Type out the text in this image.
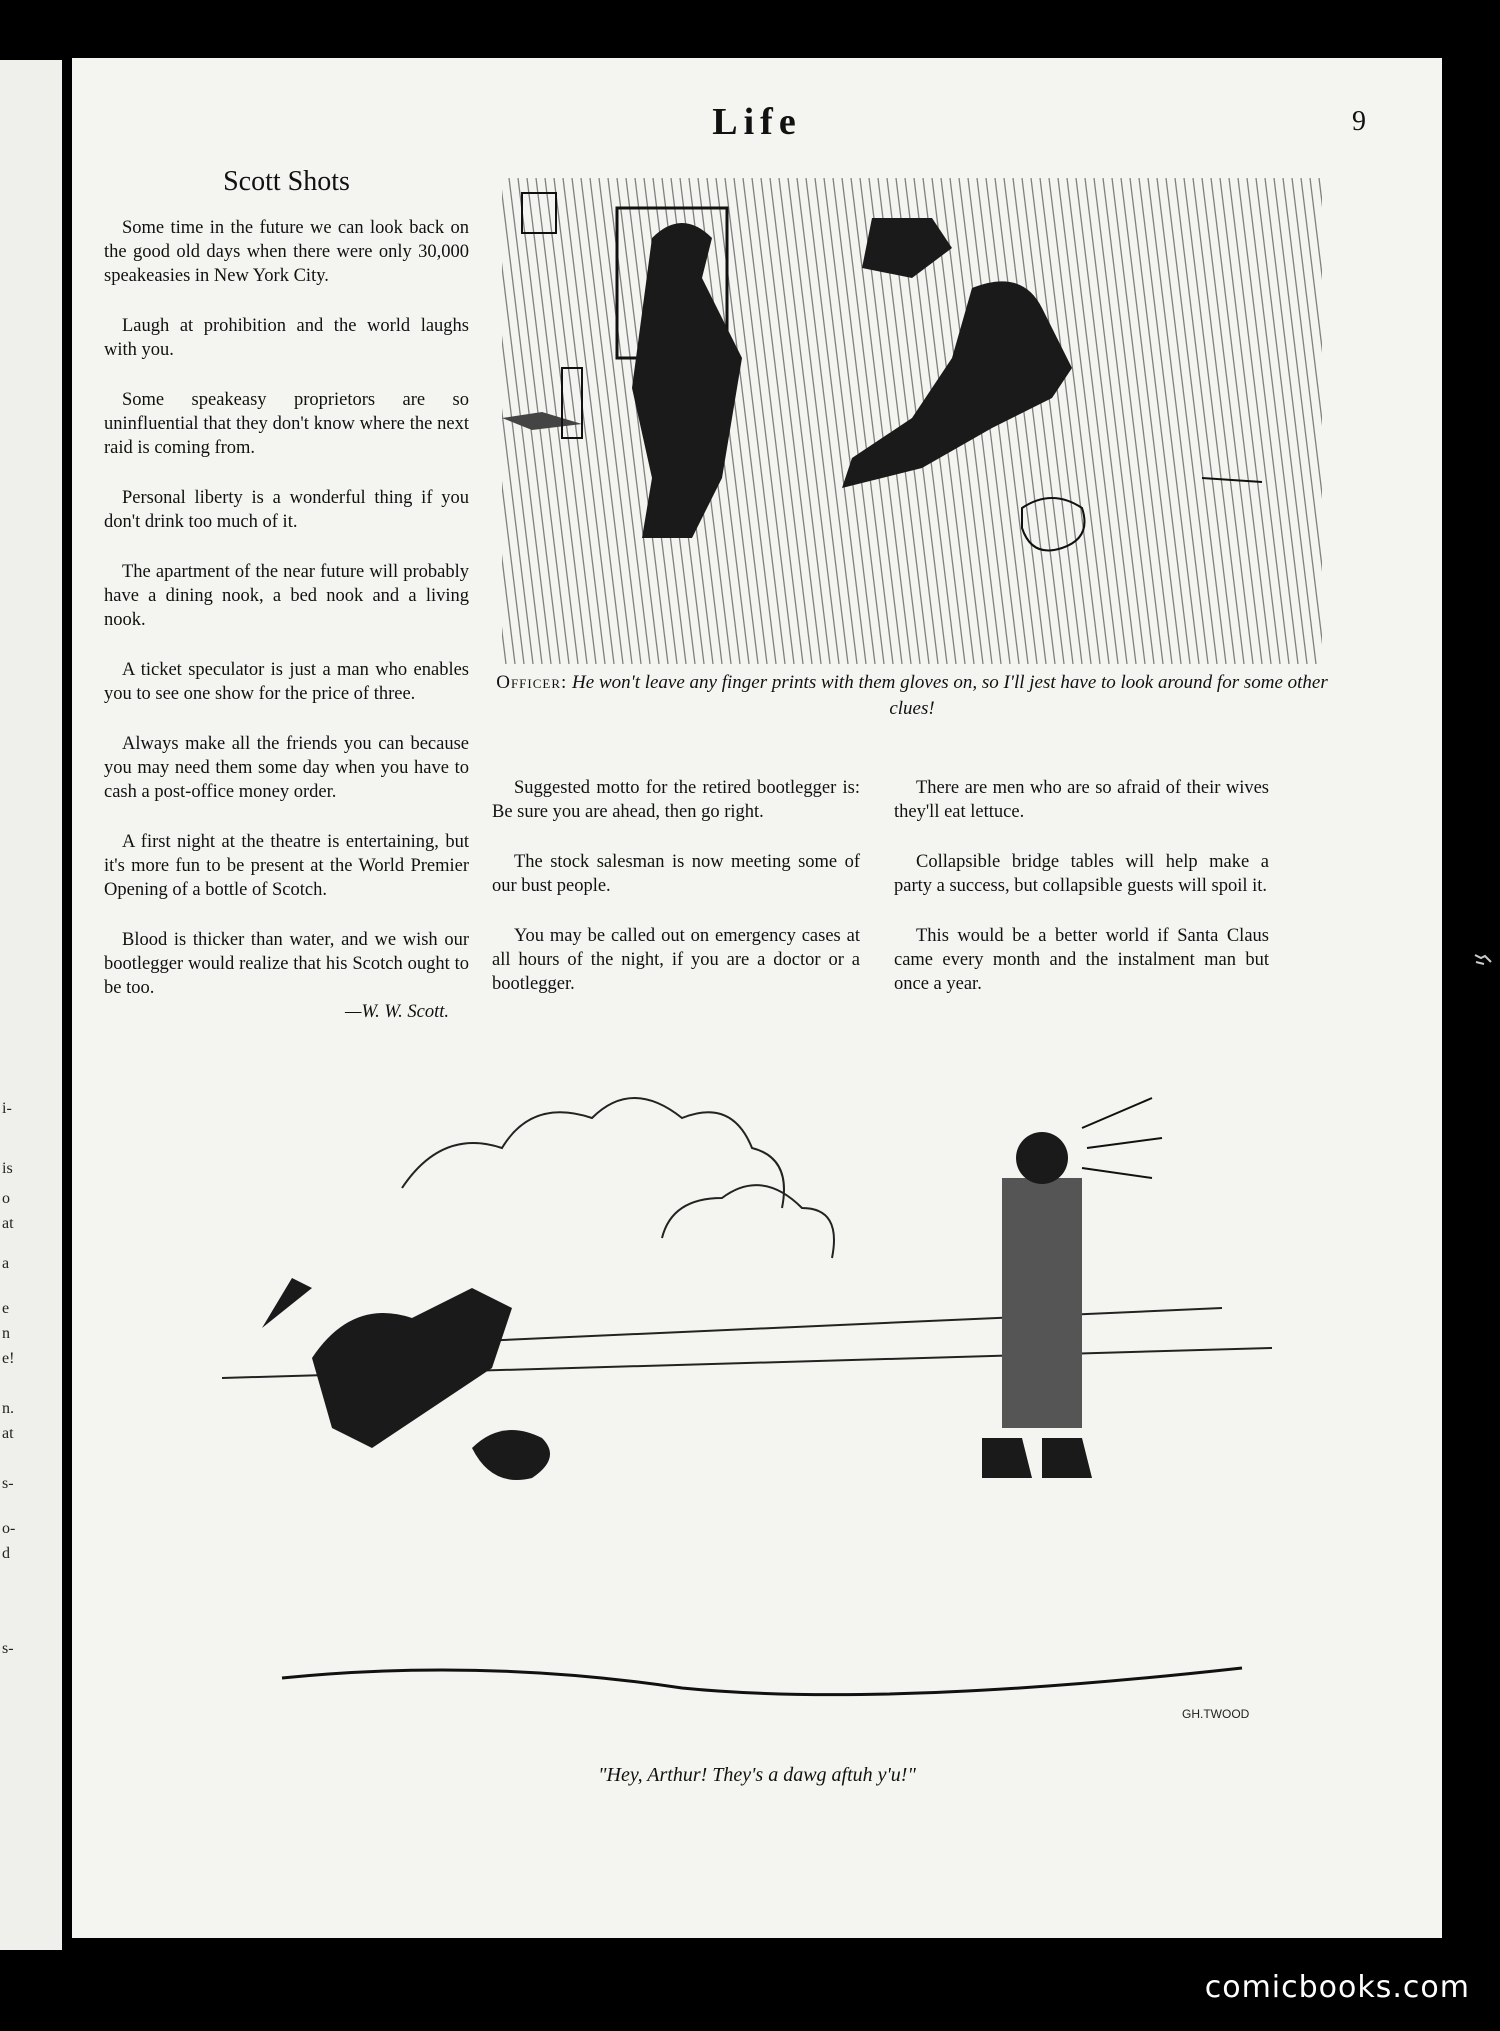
i-
is
o
at
a
e
n
e!
n.
at
s-
o-
d
s-
Life	9
Scott Shots

Some time in the future we can look back on the good old days when there were only 30,000 speakeasies in New York City.

Laugh at prohibition and the world laughs with you.

Some speakeasy proprietors are so uninfluential that they don't know where the next raid is coming from.

Personal liberty is a wonderful thing if you don't drink too much of it.

The apartment of the near future will probably have a dining nook, a bed nook and a living nook.

A ticket speculator is just a man who enables you to see one show for the price of three.

Always make all the friends you can because you may need them some day when you have to cash a post-office money order.

A first night at the theatre is entertaining, but it's more fun to be present at the World Premier Opening of a bottle of Scotch.

Blood is thicker than water, and we wish our bootlegger would realize that his Scotch ought to be too.

—W. W. Scott.
Officer: He won't leave any finger prints with them gloves on, so I'll jest have to look around for some other clues!

Suggested motto for the retired bootlegger is: Be sure you are ahead, then go right.

The stock salesman is now meeting some of our bust people.

You may be called out on emergency cases at all hours of the night, if you are a doctor or a bootlegger.

There are men who are so afraid of their wives they'll eat lettuce.

Collapsible bridge tables will help make a party a success, but collapsible guests will spoil it.

This would be a better world if Santa Claus came every month and the instalment man but once a year.

GH.TWOOD
"Hey, Arthur! They's a dawg aftuh y'u!"
comicbooks.com
